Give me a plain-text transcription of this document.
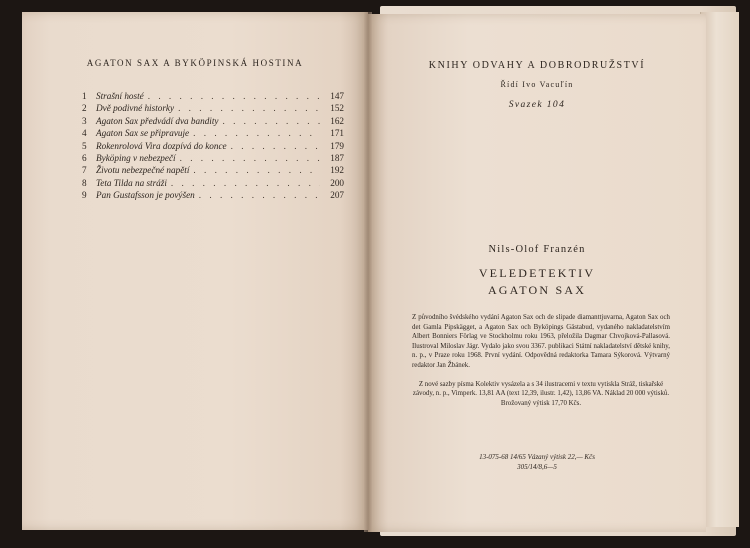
AGATON SAX A BYKÖPINSKÁ HOSTINA
1	Strašní hosté . . .	147
2	Dvě podivné historky . . .	152
3	Agaton Sax předvádí dva bandity . . .	162
4	Agaton Sax se připravuje . . .	171
5	Rokenrolová Vira dozpívá do konce . . .	179
6	Byköping v nebezpečí . . .	187
7	Životu nebezpečné napětí . . .	192
8	Teta Tilda na stráži . . .	200
9	Pan Gustafsson je povýšen . . .	207
KNIHY ODVAHY A DOBRODRUŽSTVÍ
Řídí Ivo Vacuľín
Svazek 104
Nils-Olof Franzén
VELEDETEKTIV
AGATON SAX

Z původního švédského vydání Agaton Sax och de slipade diamanttjuvarna, Agaton Sax och det Gamla Pipskägget, a Agaton Sax och Byköpings Gästabud, vydaného nakladatelstvím Albert Bonniers Förlag ve Stockholmu roku 1963, přeložila Dagmar Chvojková-Pallasová. Ilustroval Miloslav Jágr. Vydalo jako svou 3367. publikaci Státní nakladatelství dětské knihy, n. p., v Praze roku 1968. První vydání. Odpovědná redaktorka Tamara Sýkorová. Výtvarný redaktor Jan Žbánek.

Z nové sazby písma Kolektiv vysázela a s 34 ilustracemi v textu vytiskla Stráž, tiskařské závody, n. p., Vimperk. 13,81 AA (text 12,39, ilustr. 1,42), 13,86 VA. Náklad 20 000 výtisků. Brožovaný výtisk 17,70 Kčs.

13-075-68 14/65 Vázaný výtisk 22,— Kčs
305/14/8,6—5
